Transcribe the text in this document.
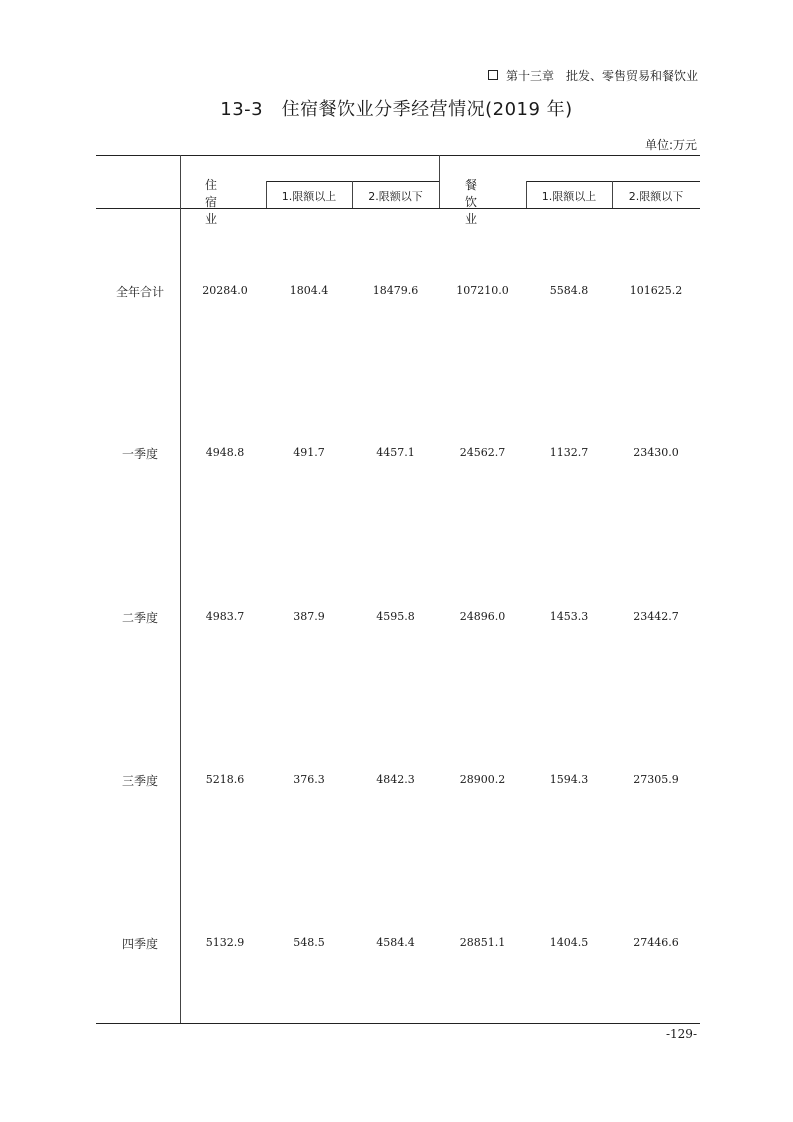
第十三章　批发、零售贸易和餐饮业
13-3　住宿餐饮业分季经营情况(2019 年)
单位:万元
住宿业
1.限额以上	2.限额以下
餐饮业
1.限额以上	2.限额以下
全年合计	20284.0	1804.4	18479.6	107210.0	5584.8	101625.2
一季度	4948.8	491.7	4457.1	24562.7	1132.7	23430.0
二季度	4983.7	387.9	4595.8	24896.0	1453.3	23442.7
三季度	5218.6	376.3	4842.3	28900.2	1594.3	27305.9
四季度	5132.9	548.5	4584.4	28851.1	1404.5	27446.6
-129-
